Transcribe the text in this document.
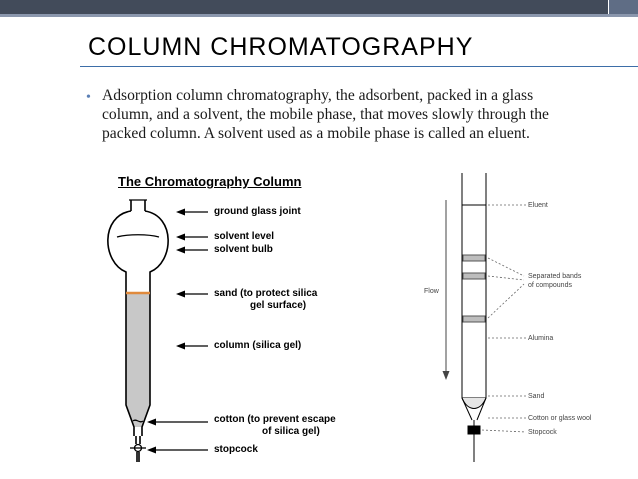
COLUMN CHROMATOGRAPHY
• Adsorption column chromatography, the adsorbent, packed in a glass column, and a solvent, the mobile phase, that moves slowly through the packed column. A solvent used as a mobile phase is called an eluent.
The Chromatography Column
ground glass joint
solvent level
solvent bulb
sand (to protect silica
gel surface)
column (silica gel)
cotton (to prevent escape
of silica gel)
stopcock
Eluent
Flow
Separated bands
of compounds
Alumina
Sand
Cotton or glass wool
Stopcock
